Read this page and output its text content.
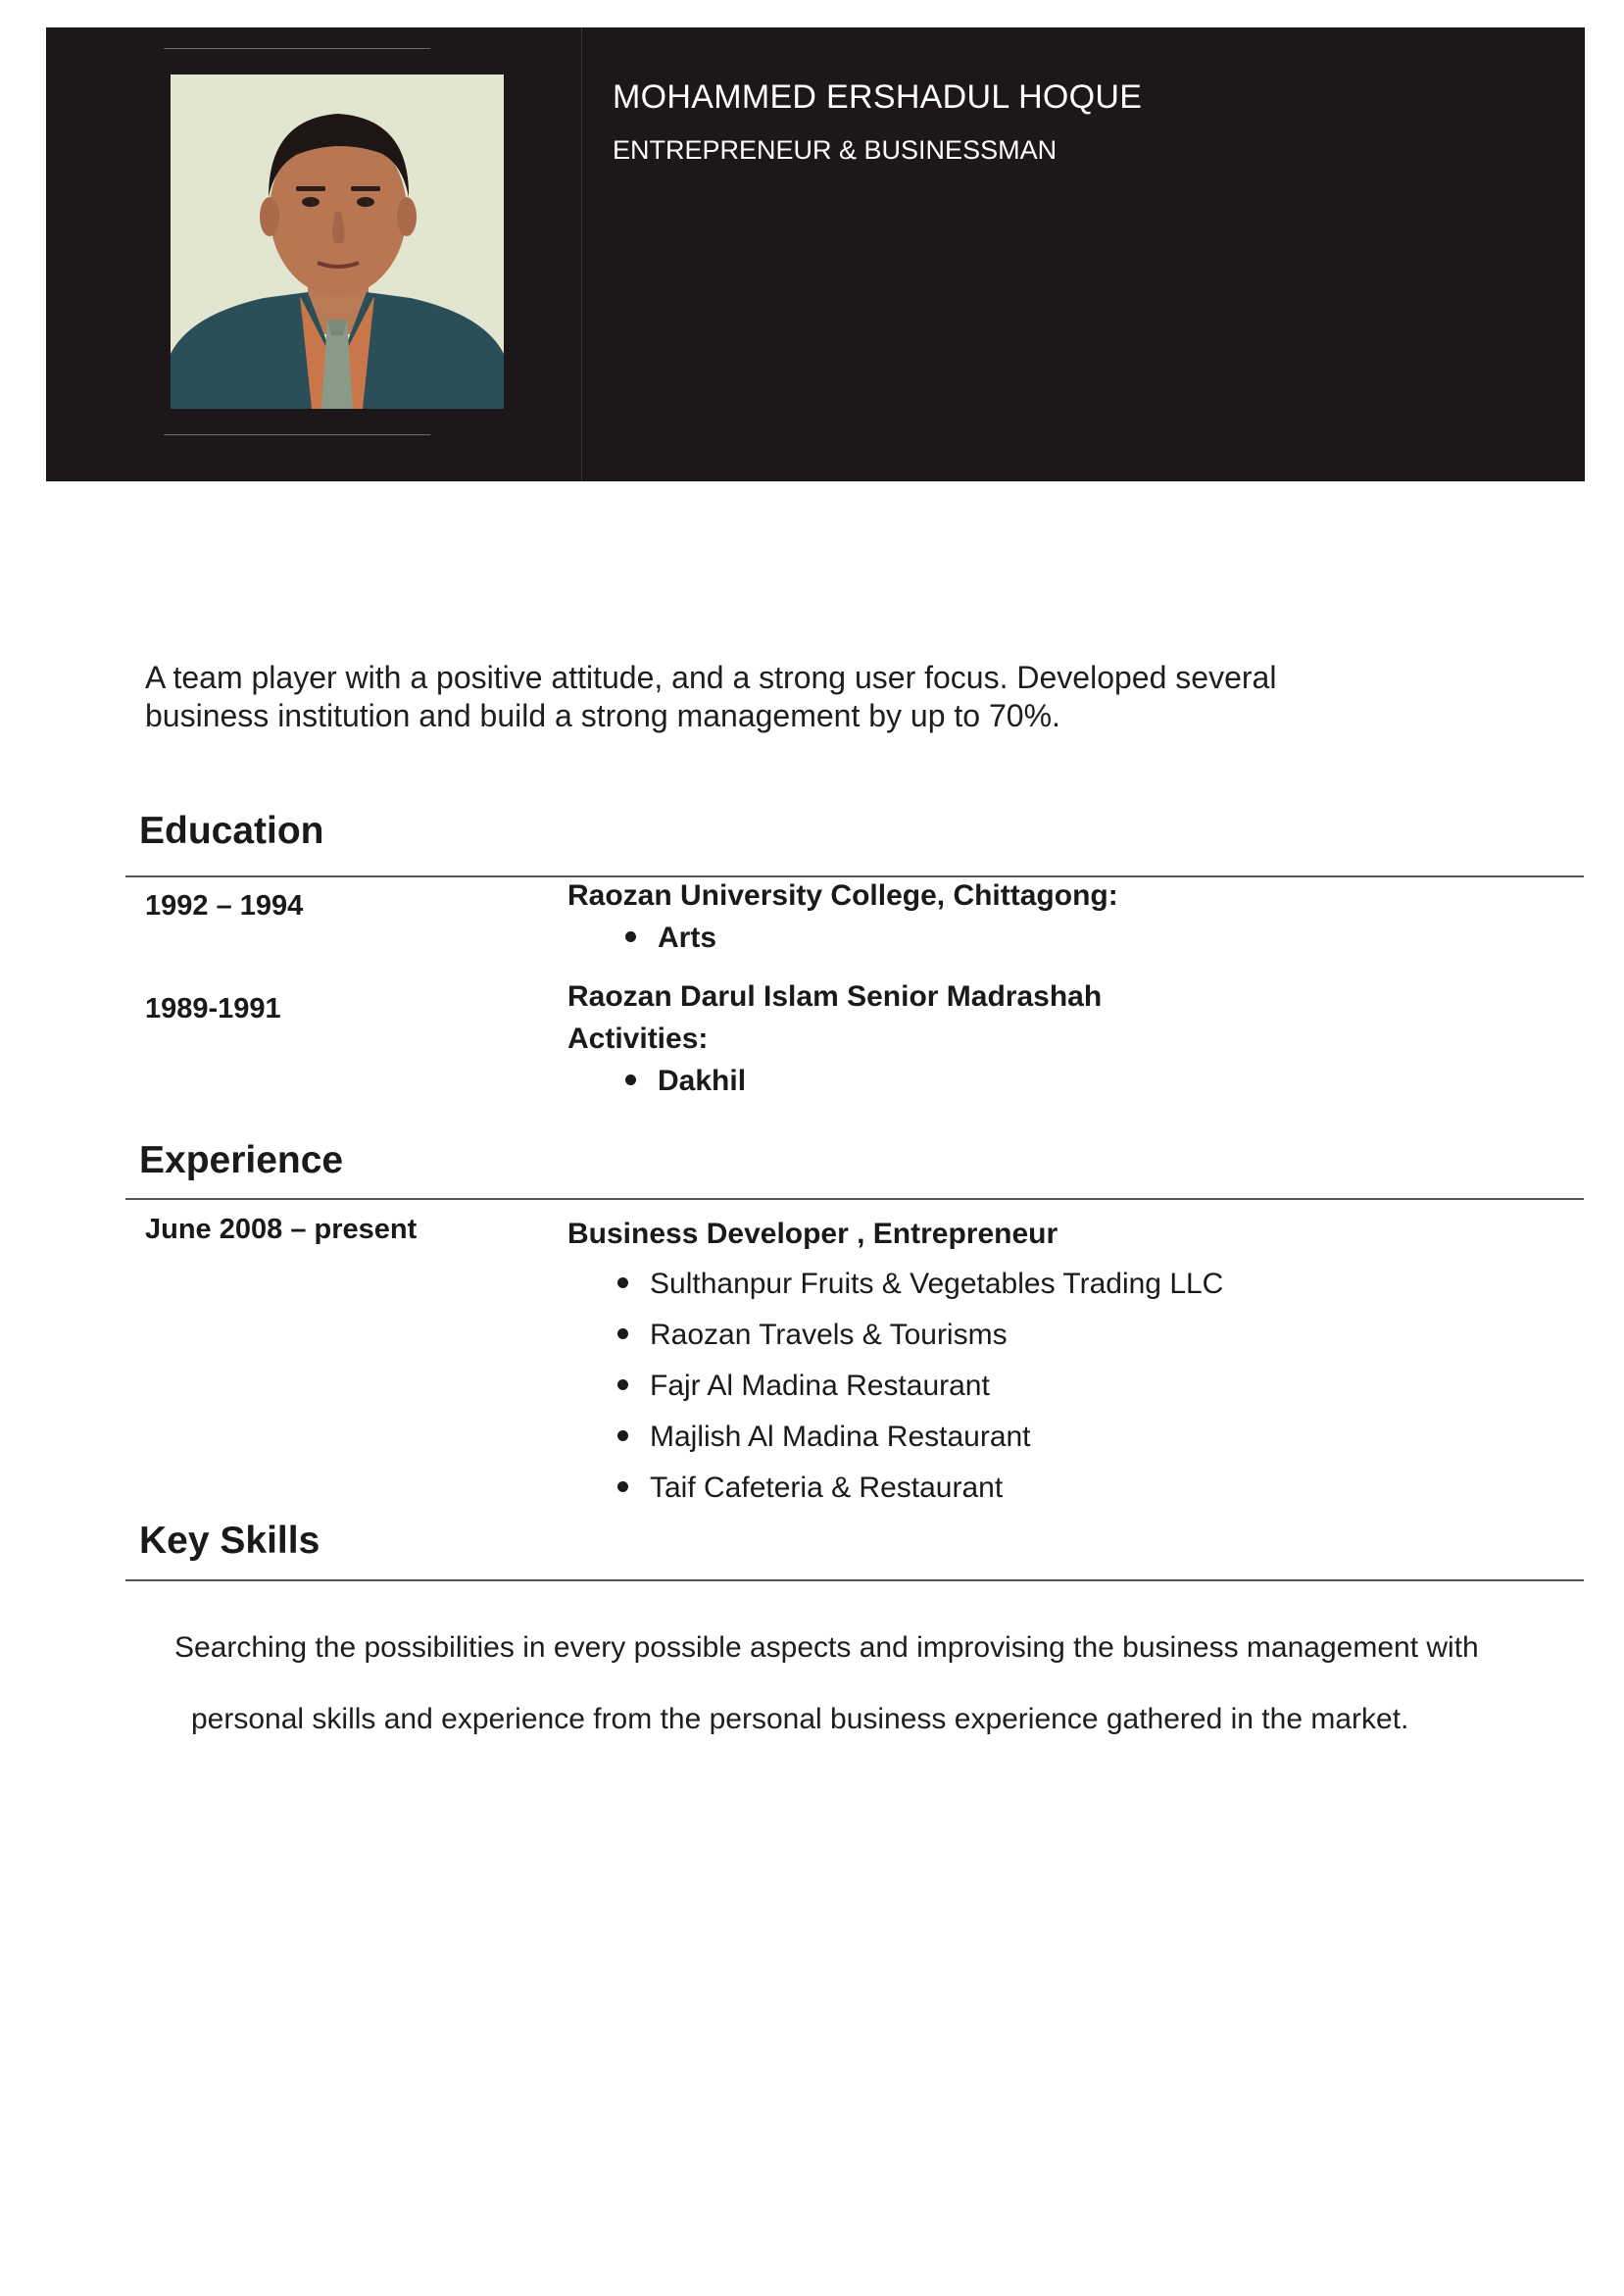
MOHAMMED ERSHADUL HOQUE
ENTREPRENEUR & BUSINESSMAN
A team player with a positive attitude, and a strong user focus. Developed several
business institution and build a strong management by up to 70%.
Education
1992 – 1994	Raozan University College, Chittagong:
Arts
1989-1991	Raozan Darul Islam Senior Madrashah
Activities:
Dakhil
Experience
June 2008 – present	Business Developer , Entrepreneur
Sulthanpur Fruits & Vegetables Trading LLC
Raozan Travels & Tourisms
Fajr Al Madina Restaurant
Majlish Al Madina Restaurant
Taif Cafeteria & Restaurant
Key Skills
Searching the possibilities in every possible aspects and improvising the business management with
personal skills and experience from the personal business experience gathered in the market.
